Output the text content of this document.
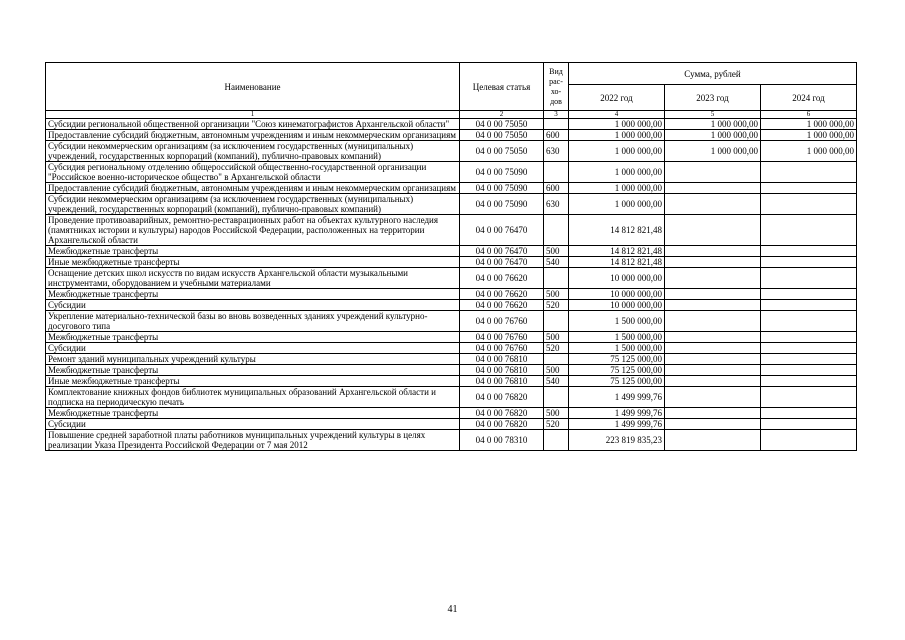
Наименование	Целевая статья	Вид рас-хо-дов	Сумма, рублей		
			2022 год	2023 год	2024 год
1	2	3	4	5	6
Субсидии региональной общественной организации "Союз кинематографистов Архангельской области"	04 0 00 75050		1 000 000,00	1 000 000,00	1 000 000,00
Предоставление субсидий бюджетным, автономным учреждениям и иным некоммерческим организациям	04 0 00 75050	600	1 000 000,00	1 000 000,00	1 000 000,00
Субсидии некоммерческим организациям (за исключением государственных (муниципальных) учреждений, государственных корпораций (компаний), публично-правовых компаний)	04 0 00 75050	630	1 000 000,00	1 000 000,00	1 000 000,00
Субсидия региональному отделению общероссийской общественно-государственной организации "Российское военно-историческое общество" в Архангельской области	04 0 00 75090		1 000 000,00		
Предоставление субсидий бюджетным, автономным учреждениям и иным некоммерческим организациям	04 0 00 75090	600	1 000 000,00		
Субсидии некоммерческим организациям (за исключением государственных (муниципальных) учреждений, государственных корпораций (компаний), публично-правовых компаний)	04 0 00 75090	630	1 000 000,00		
Проведение противоаварийных, ремонтно-реставрационных работ на объектах культурного наследия (памятниках истории и культуры) народов Российской Федерации, расположенных на территории Архангельской области	04 0 00 76470		14 812 821,48		
Межбюджетные трансферты	04 0 00 76470	500	14 812 821,48		
Иные межбюджетные трансферты	04 0 00 76470	540	14 812 821,48		
Оснащение детских школ искусств по видам искусств Архангельской области музыкальными инструментами, оборудованием и учебными материалами	04 0 00 76620		10 000 000,00		
Межбюджетные трансферты	04 0 00 76620	500	10 000 000,00		
Субсидии	04 0 00 76620	520	10 000 000,00		
Укрепление материально-технической базы во вновь возведенных зданиях учреждений культурно-досугового типа	04 0 00 76760		1 500 000,00		
Межбюджетные трансферты	04 0 00 76760	500	1 500 000,00		
Субсидии	04 0 00 76760	520	1 500 000,00		
Ремонт зданий муниципальных учреждений культуры	04 0 00 76810		75 125 000,00		
Межбюджетные трансферты	04 0 00 76810	500	75 125 000,00		
Иные межбюджетные трансферты	04 0 00 76810	540	75 125 000,00		
Комплектование книжных фондов библиотек муниципальных образований Архангельской области и подписка на периодическую печать	04 0 00 76820		1 499 999,76		
Межбюджетные трансферты	04 0 00 76820	500	1 499 999,76		
Субсидии	04 0 00 76820	520	1 499 999,76		
Повышение средней заработной платы работников муниципальных учреждений культуры в целях реализации Указа Президента Российской Федерации от 7 мая 2012	04 0 00 78310		223 819 835,23		
41
